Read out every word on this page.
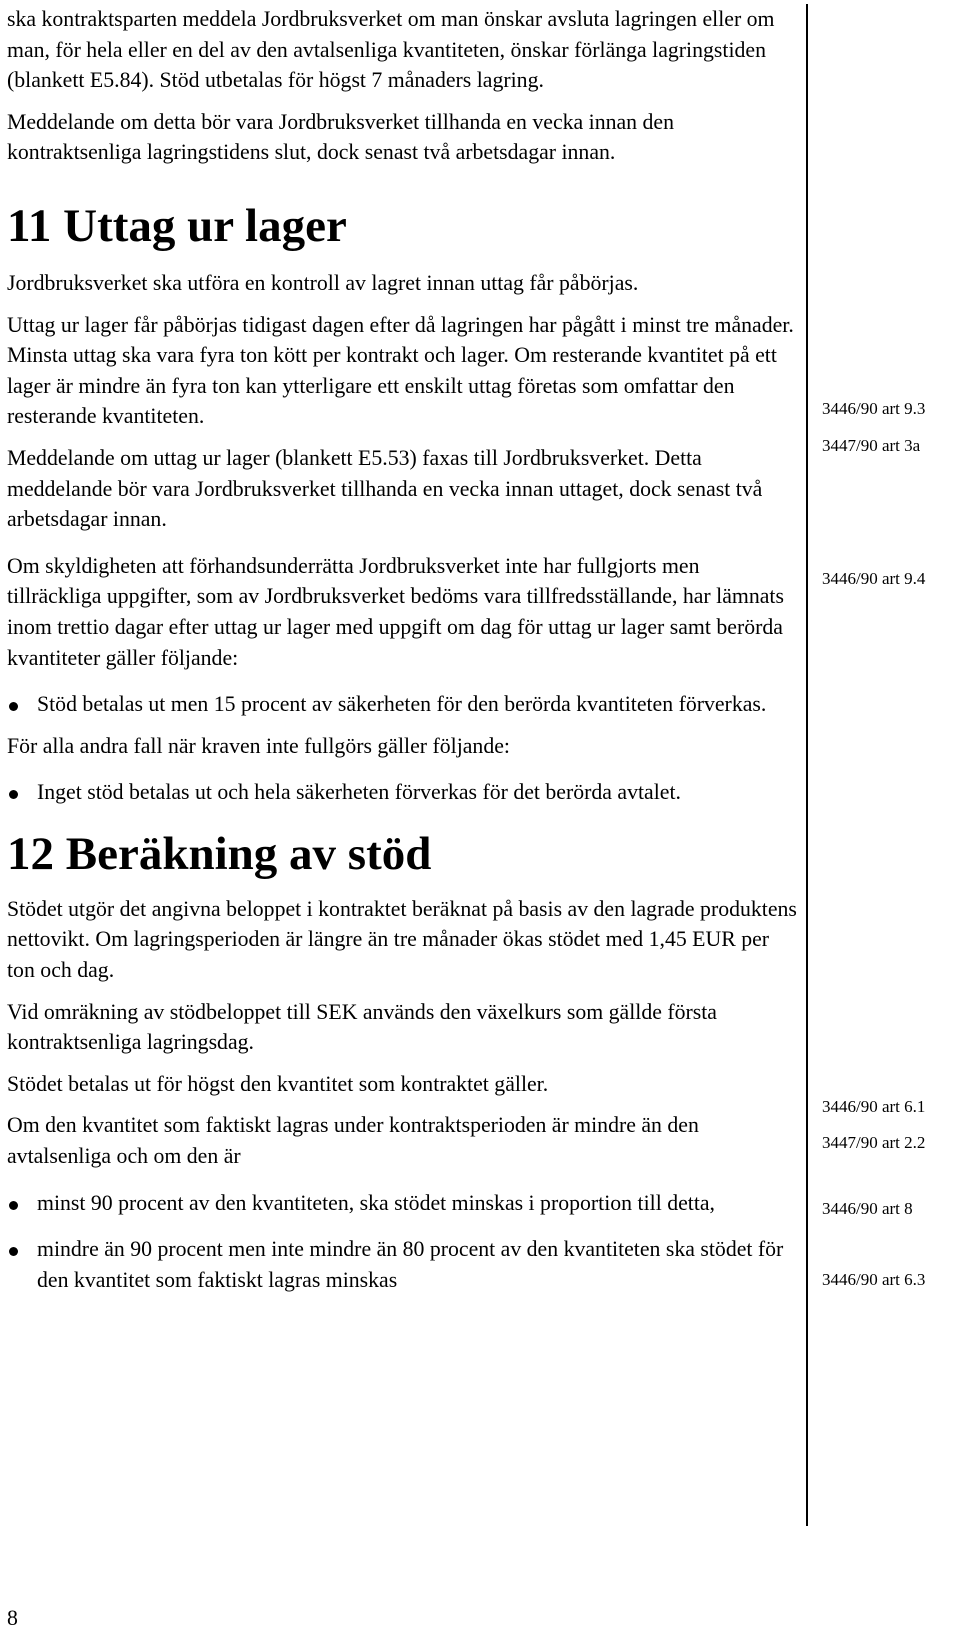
ska kontraktsparten meddela Jordbruksverket om man önskar avsluta lagringen eller om man, för hela eller en del av den avtalsenliga kvantiteten, önskar förlänga lagringstiden (blankett E5.84). Stöd utbetalas för högst 7 månaders lagring.

Meddelande om detta bör vara Jordbruksverket tillhanda en vecka innan den kontraktsenliga lagringstidens slut, dock senast två arbetsdagar innan.

11 Uttag ur lager

Jordbruksverket ska utföra en kontroll av lagret innan uttag får påbörjas.

Uttag ur lager får påbörjas tidigast dagen efter då lagringen har pågått i minst tre månader. Minsta uttag ska vara fyra ton kött per kontrakt och lager. Om resterande kvantitet på ett lager är mindre än fyra ton kan ytterligare ett enskilt uttag företas som omfattar den resterande kvantiteten.

Meddelande om uttag ur lager (blankett E5.53) faxas till Jordbruksverket. Detta meddelande bör vara Jordbruksverket tillhanda en vecka innan uttaget, dock senast två arbetsdagar innan.

Om skyldigheten att förhandsunderrätta Jordbruksverket inte har fullgjorts men tillräckliga uppgifter, som av Jordbruksverket bedöms vara tillfredsställande, har lämnats inom trettio dagar efter uttag ur lager med uppgift om dag för uttag ur lager samt berörda kvantiteter gäller följande:

Stöd betalas ut men 15 procent av säkerheten för den berörda kvantiteten förverkas.

För alla andra fall när kraven inte fullgörs gäller följande:

Inget stöd betalas ut och hela säkerheten förverkas för det berörda avtalet.

12 Beräkning av stöd

Stödet utgör det angivna beloppet i kontraktet beräknat på basis av den lagrade produktens nettovikt. Om lagringsperioden är längre än tre månader ökas stödet med 1,45 EUR per ton och dag.

Vid omräkning av stödbeloppet till SEK används den växelkurs som gällde första kontraktsenliga lagringsdag.

Stödet betalas ut för högst den kvantitet som kontraktet gäller.

Om den kvantitet som faktiskt lagras under kontraktsperioden är mindre än den avtalsenliga och om den är

minst 90 procent av den kvantiteten, ska stödet minskas i proportion till detta,

mindre än 90 procent men inte mindre än 80 procent av den kvantiteten ska stödet för den kvantitet som faktiskt lagras minskas

3446/90 art 9.3
3447/90 art 3a
3446/90 art 9.4
3446/90 art 6.1
3447/90 art 2.2
3446/90 art 8
3446/90 art 6.3
8
